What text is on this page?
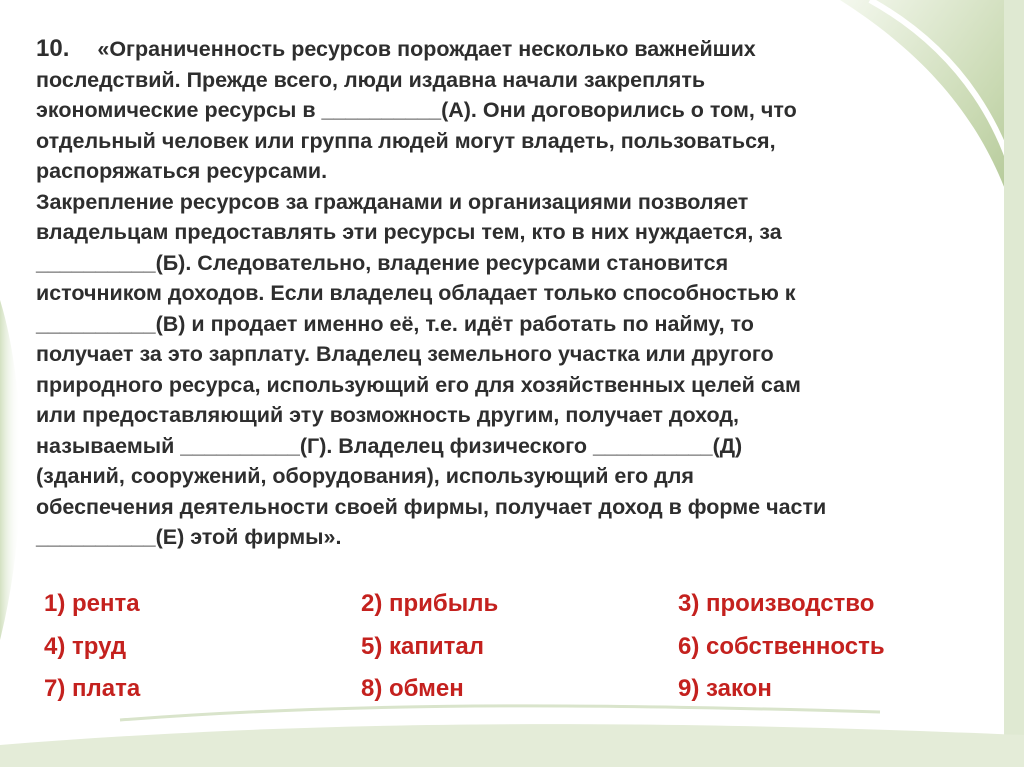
10. «Ограниченность ресурсов порождает несколько важнейших
последствий. Прежде всего, люди издавна начали закреплять
экономические ресурсы в __________(А). Они договорились о том, что
отдельный человек или группа людей могут владеть, пользоваться,
распоряжаться ресурсами.
Закрепление ресурсов за гражданами и организациями позволяет
владельцам предоставлять эти ресурсы тем, кто в них нуждается, за
__________(Б). Следовательно, владение ресурсами становится
источником доходов. Если владелец обладает только способностью к
__________(В) и продает именно её, т.е. идёт работать по найму, то
получает за это зарплату. Владелец земельного участка или другого
природного ресурса, использующий его для хозяйственных целей сам
или предоставляющий эту возможность другим, получает доход,
называемый __________(Г). Владелец физического __________(Д)
(зданий, сооружений, оборудования), использующий его для
обеспечения деятельности своей фирмы, получает доход в форме части
__________(Е) этой фирмы».

1) рента	2) прибыль	3) производство
4) труд	5) капитал	6) собственность
7) плата	8) обмен	9) закон
